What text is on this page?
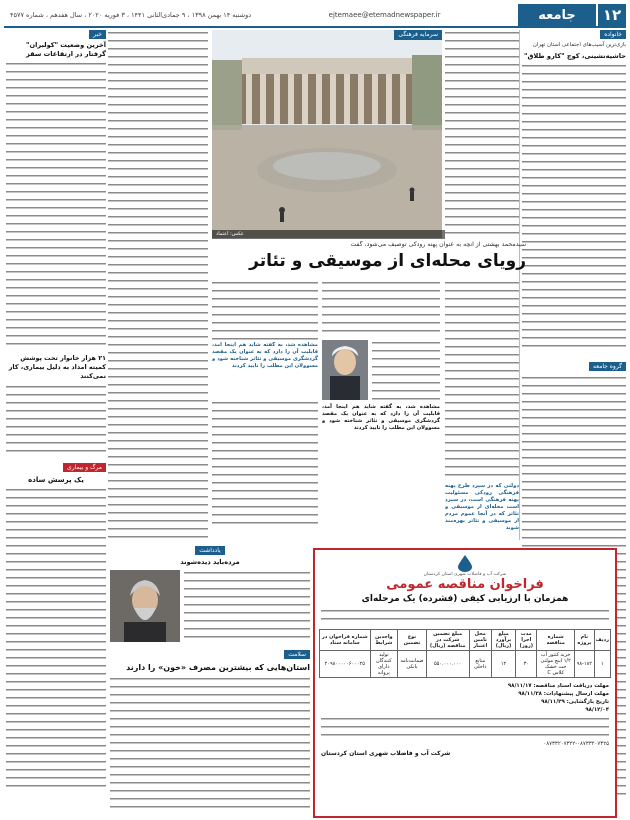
۱۲
جامعه
ejtemaee@etemadnewspaper.ir
دوشنبه ۱۴ بهمن ۱۳۹۸ ، ۹ جمادی‌الثانی ۱۴۴۱ ، ۳ فوریه ۲۰۲۰ ، سال هفدهم ، شماره ۴۵۷۷
خانواده
بازی‌ترین آسیب‌های اجتماعی استان تهران
حاشیه‌نشینی، کوچ "کارو طلاق"
گروه جامعه
سرمایه فرهنگی
عکس: اعتماد
سیدمحمد بهشتی از آنچه به عنوان پهنه رودکی توصیف می‌شود، گفت
رویای محله‌ای از موسیقی و تئاتر
دولتی که در سپرد طرح پهنه فرهنگی رودکی مسئولیت پهنه فرهنگی است، در سپرد است محله‌ای از موسیقی و تئاتر که در آنجا عموم مردم از موسیقی و تئاتر بهره‌مند شوند
مشاهده شد، به گفته شاید هم اینجا آمد، قابلیت آن را دارد که به عنوان یک مقصد گردشگری موسیقی و تئاتر شناخته شود و مسوولان این مطلب را تایید کردند
مشاهده شد، به گفته شاید هم اینجا آمد، قابلیت آن را دارد که به عنوان یک مقصد گردشگری موسیقی و تئاتر شناخته شود و مسوولان این مطلب را تایید کردند
خبر
آخرین وضعیت "کولبران" گرفتار در ارتفاعات سقز
۲۱ هزار خانوار تحت پوشش کمیته امداد به دلیل بیماری، کار نمی‌کنند
مرگ و بیماری
یک پرسش ساده
یادداشت
مرده‌باید‌ دیده‌شوند
سلامت
استان‌هایی که بیشترین مصرف «خون» را دارند
شرکت آب و فاضلاب شهری استان کردستان
فراخوان مناقصه عمومی
همزمان با ارزیابی کیفی (فشرده) یک مرحله‌ای
ردیف	نام پروژه	شماره مناقصه	مدت اجرا (روز)	مبلغ برآورد (ریال)	محل تامین اعتبار	مبلغ تضمین شرکت در مناقصه (ریال)	نوع تضمین	واجدین شرایط	شماره فراخوان در سامانه ستاد
۱	۹۸-۱۸۲	خرید کنتور آب ۱/۲ اینچ مولتی جت خشک کلاس C	۳۰	۱۲	منابع داخلی	۵۵۰.۰۰۰.۰۰۰	ضمانت‌نامه بانکی	تولید کنندگان دارای پروانه	۲۰۹۸۰۰۰۰۰۶۰۰۰۲۵
مهلت دریافت اسناد مناقصه: ۹۸/۱۱/۱۷
مهلت ارسال پیشنهادات: ۹۸/۱۱/۲۸
تاریخ بازگشایی: ۹۸/۱۱/۲۹
۹۸/۱۲/۰۴
۰۸۷۳۳۲۰۷۳۲۲-۰۸۷۳۳۲۰۷۳۲۵
شرکت آب و فاضلاب شهری استان کردستان
